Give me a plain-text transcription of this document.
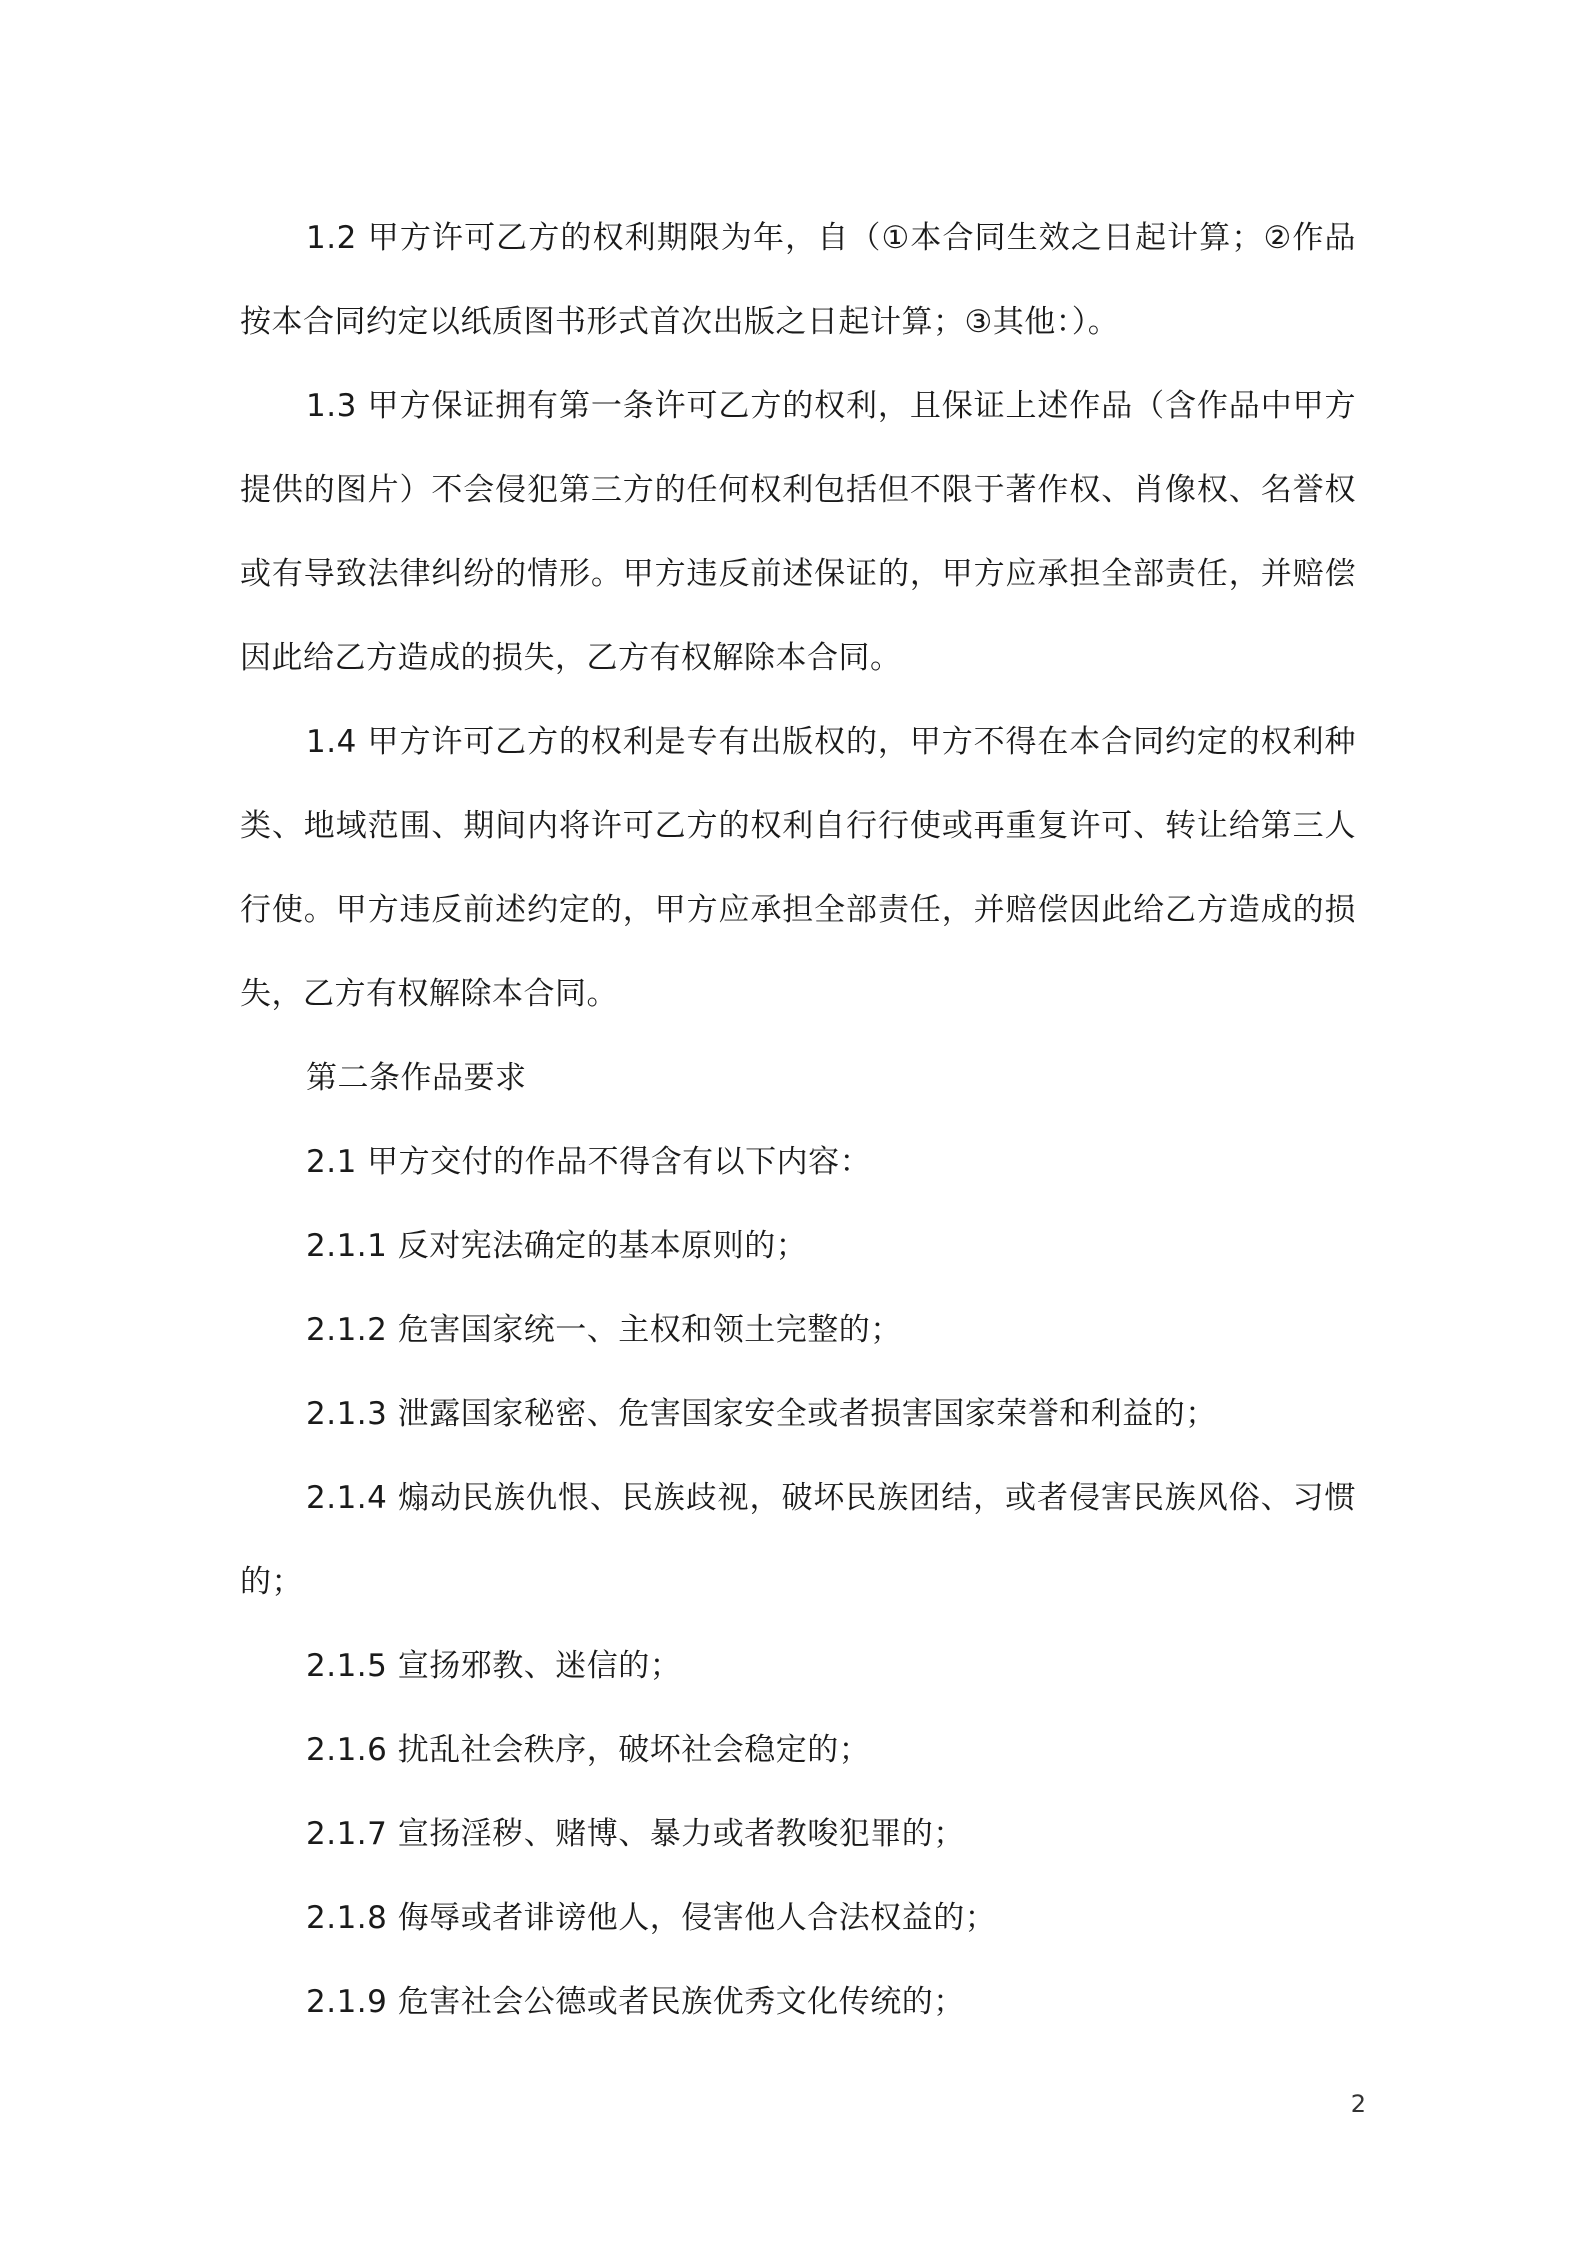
1.2 甲方许可乙方的权利期限为年，自（①本合同生效之日起计算；②作品按本合同约定以纸质图书形式首次出版之日起计算；③其他：）。

1.3 甲方保证拥有第一条许可乙方的权利，且保证上述作品（含作品中甲方提供的图片）不会侵犯第三方的任何权利包括但不限于著作权、肖像权、名誉权或有导致法律纠纷的情形。甲方违反前述保证的，甲方应承担全部责任，并赔偿因此给乙方造成的损失，乙方有权解除本合同。

1.4 甲方许可乙方的权利是专有出版权的，甲方不得在本合同约定的权利种类、地域范围、期间内将许可乙方的权利自行行使或再重复许可、转让给第三人行使。甲方违反前述约定的，甲方应承担全部责任，并赔偿因此给乙方造成的损失，乙方有权解除本合同。

第二条作品要求

2.1 甲方交付的作品不得含有以下内容：

2.1.1 反对宪法确定的基本原则的；

2.1.2 危害国家统一、主权和领土完整的；

2.1.3 泄露国家秘密、危害国家安全或者损害国家荣誉和利益的；

2.1.4 煽动民族仇恨、民族歧视，破坏民族团结，或者侵害民族风俗、习惯的；

2.1.5 宣扬邪教、迷信的；

2.1.6 扰乱社会秩序，破坏社会稳定的；

2.1.7 宣扬淫秽、赌博、暴力或者教唆犯罪的；

2.1.8 侮辱或者诽谤他人，侵害他人合法权益的；

2.1.9 危害社会公德或者民族优秀文化传统的；

2
